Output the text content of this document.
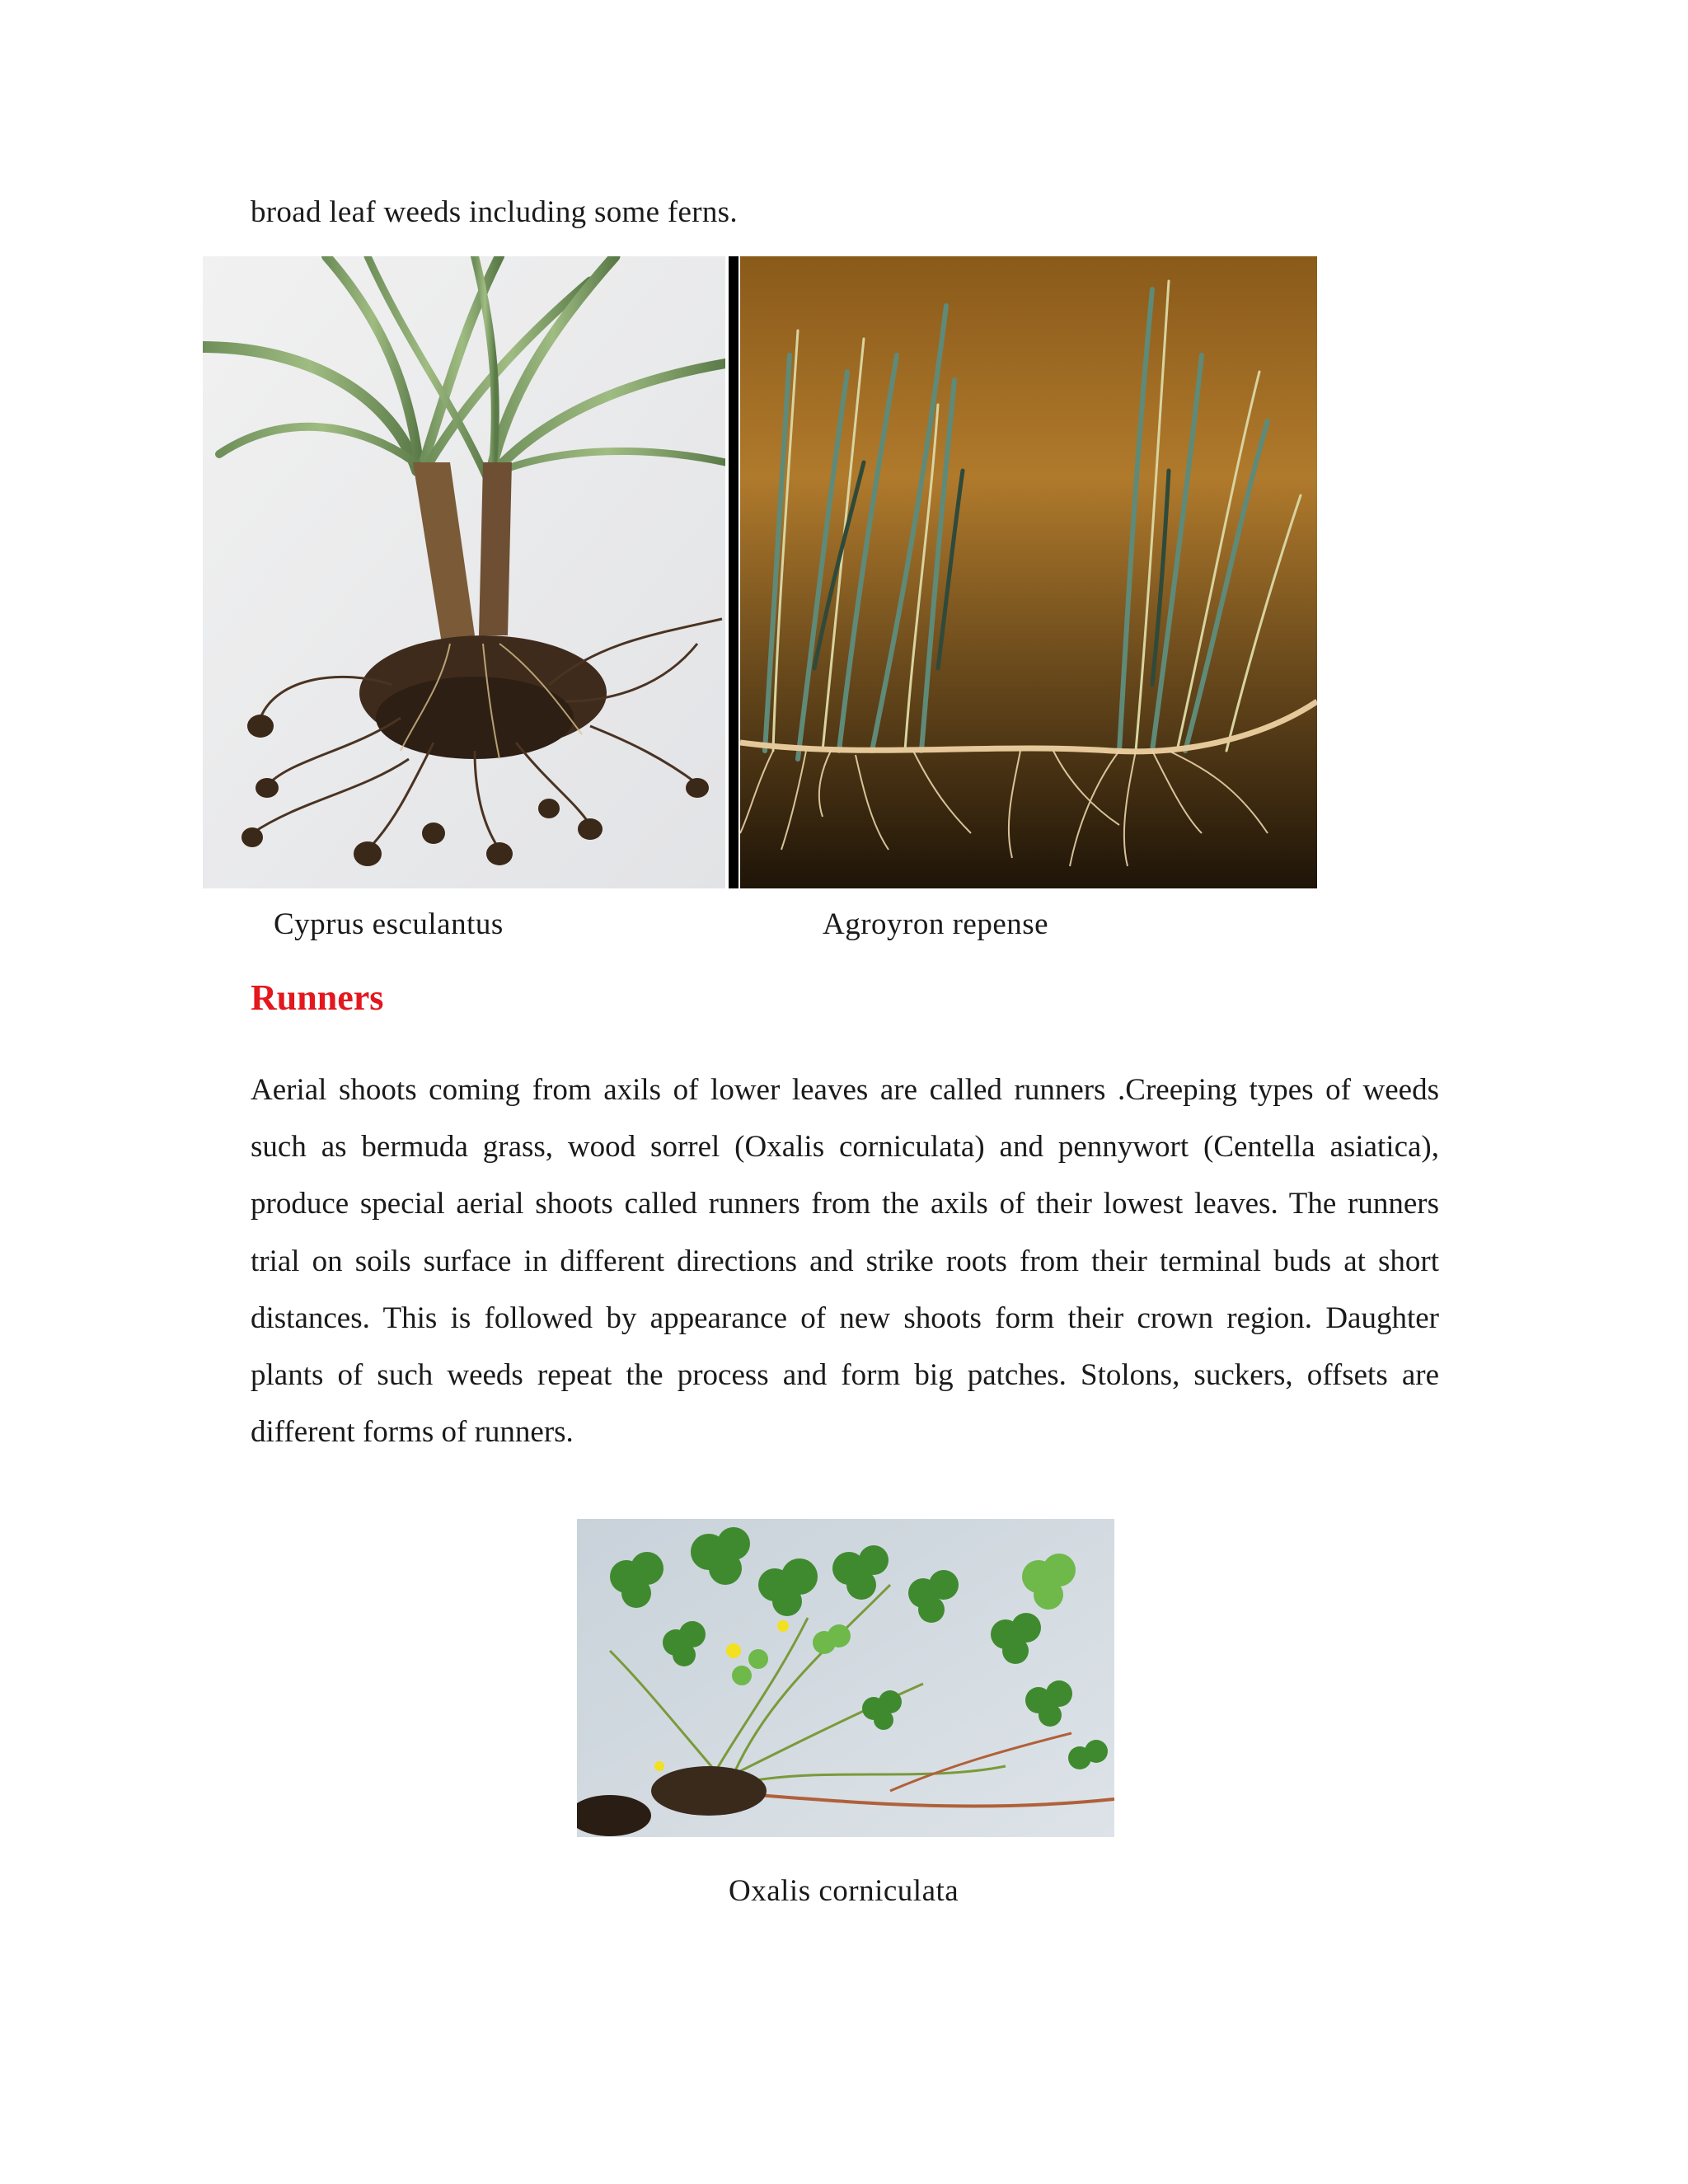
broad leaf weeds including some ferns.
Cyprus esculantus	Agroyron repense
Runners
Aerial shoots coming from axils of lower leaves are called runners .Creeping types of weeds such as bermuda grass, wood sorrel (Oxalis corniculata) and pennywort (Centella asiatica), produce special aerial shoots called runners from the axils of their lowest leaves. The runners trial on soils surface in different directions and strike roots from their terminal buds at short distances. This is followed by appearance of new shoots form their crown region. Daughter plants of such weeds repeat the process and form big patches. Stolons, suckers, offsets are different forms of runners.
Oxalis corniculata
